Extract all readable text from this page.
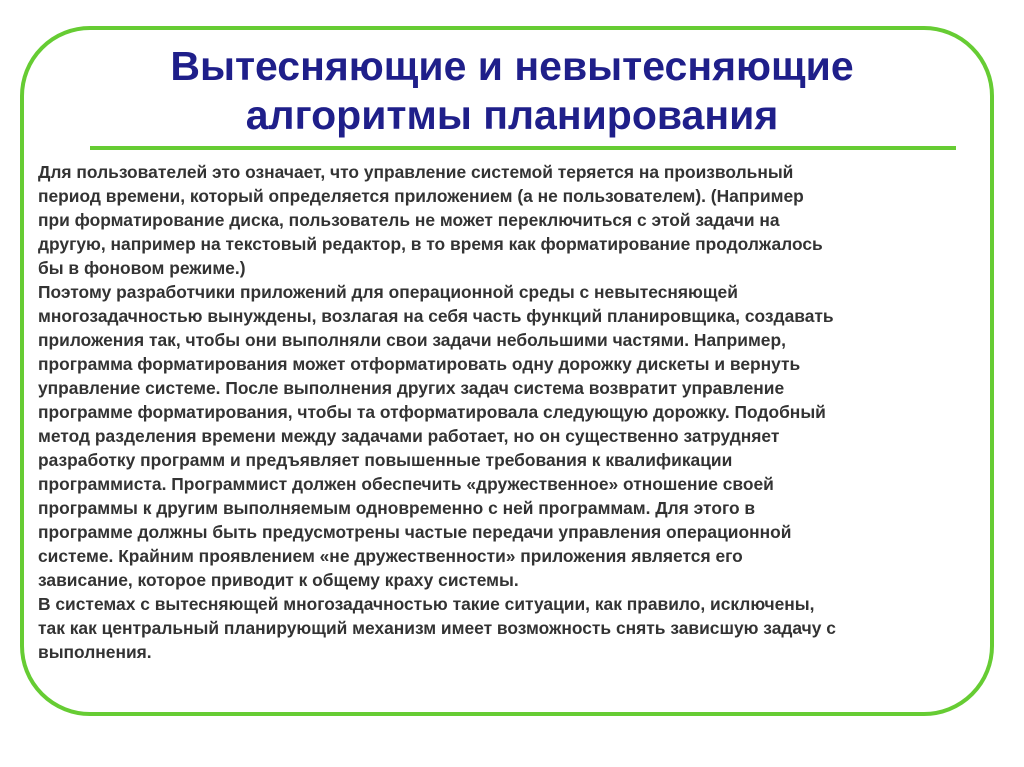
Вытесняющие и невытесняющие
алгоритмы планирования
Для пользователей это означает, что управление системой теряется на произвольный
период времени, который определяется приложением (а не пользователем). (Например
при форматирование диска, пользователь не может переключиться с этой задачи на
другую, например на текстовый редактор, в то время как форматирование продолжалось
бы в фоновом режиме.)
Поэтому разработчики приложений для операционной среды с невытесняющей
многозадачностью вынуждены, возлагая на себя часть функций планировщика, создавать
приложения так, чтобы они выполняли свои задачи небольшими частями. Например,
программа форматирования может отформатировать одну дорожку дискеты и вернуть
управление системе. После выполнения других задач система возвратит управление
программе форматирования, чтобы та отформатировала следующую дорожку. Подобный
метод разделения времени между задачами работает, но он существенно затрудняет
разработку программ и предъявляет повышенные требования к квалификации
программиста. Программист должен обеспечить «дружественное» отношение своей
программы к другим выполняемым одновременно с ней программам. Для этого в
программе должны быть предусмотрены частые передачи управления операционной
системе. Крайним проявлением «не дружественности» приложения является его
зависание, которое приводит к общему краху системы.
В системах с вытесняющей многозадачностью такие ситуации, как правило, исключены,
так как центральный планирующий механизм имеет возможность снять зависшую задачу с
выполнения.
